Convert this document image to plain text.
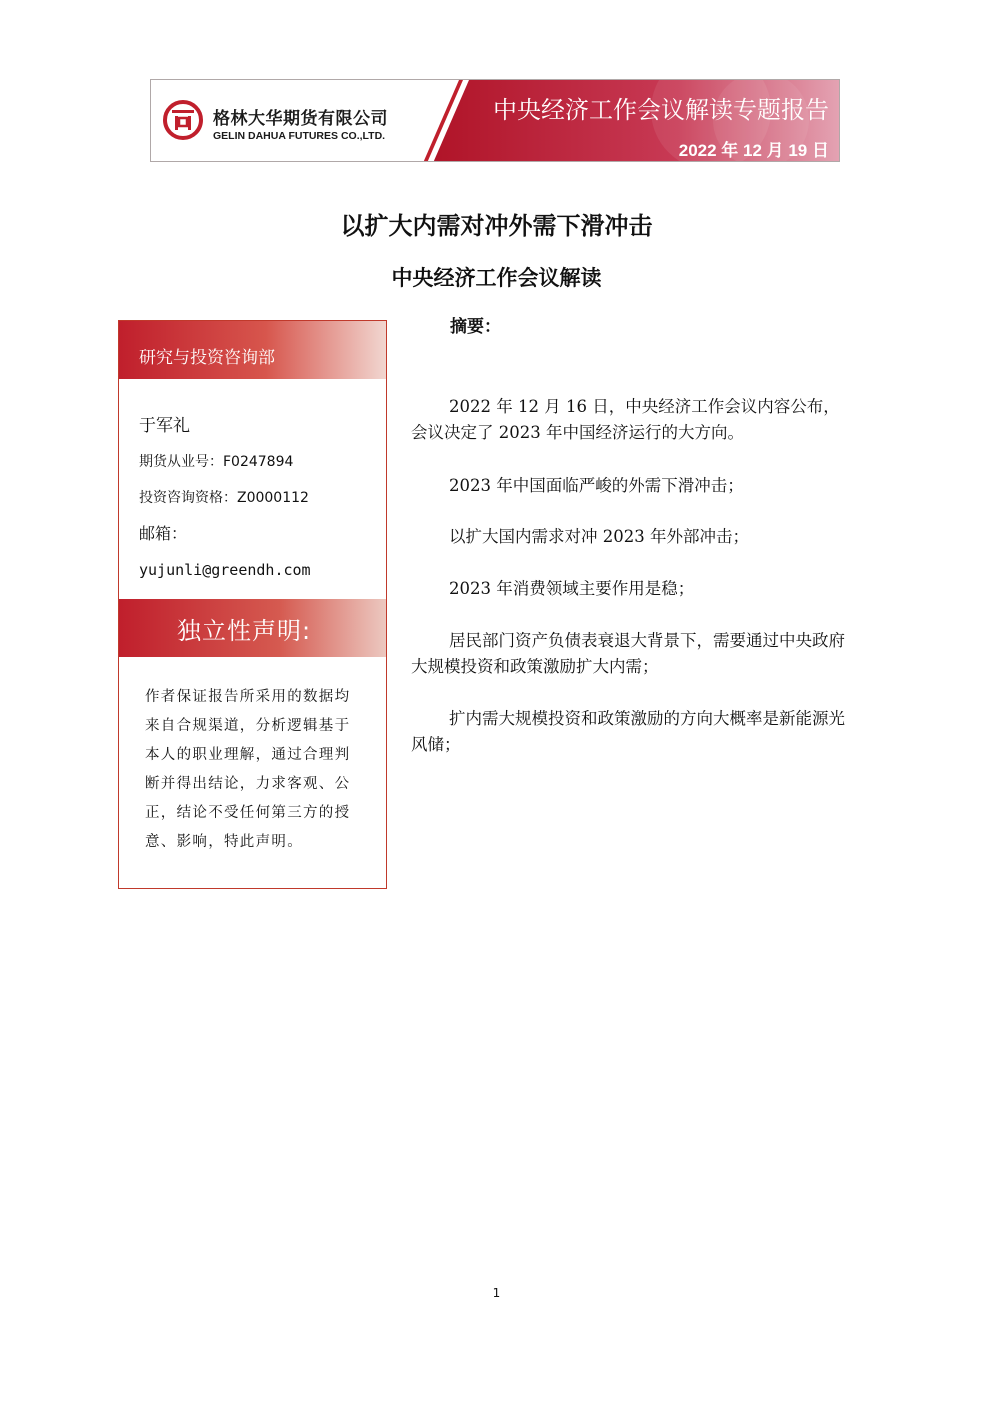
格林大华期货有限公司
GELIN DAHUA FUTURES CO.,LTD.
中央经济工作会议解读专题报告
2022 年 12 月 19 日
以扩大内需对冲外需下滑冲击
中央经济工作会议解读
研究与投资咨询部
于军礼
期货从业号：F0247894
投资咨询资格：Z0000112
邮箱：
yujunli@greendh.com
独立性声明:
作者保证报告所采用的数据均来自合规渠道，分析逻辑基于本人的职业理解，通过合理判断并得出结论，力求客观、公正，结论不受任何第三方的授意、影响，特此声明。
摘要：
2022 年 12 月 16 日，中央经济工作会议内容公布，会议决定了 2023 年中国经济运行的大方向。
2023 年中国面临严峻的外需下滑冲击；
以扩大国内需求对冲 2023 年外部冲击；
2023 年消费领域主要作用是稳；
居民部门资产负债表衰退大背景下，需要通过中央政府大规模投资和政策激励扩大内需；
扩内需大规模投资和政策激励的方向大概率是新能源光风储；
1
